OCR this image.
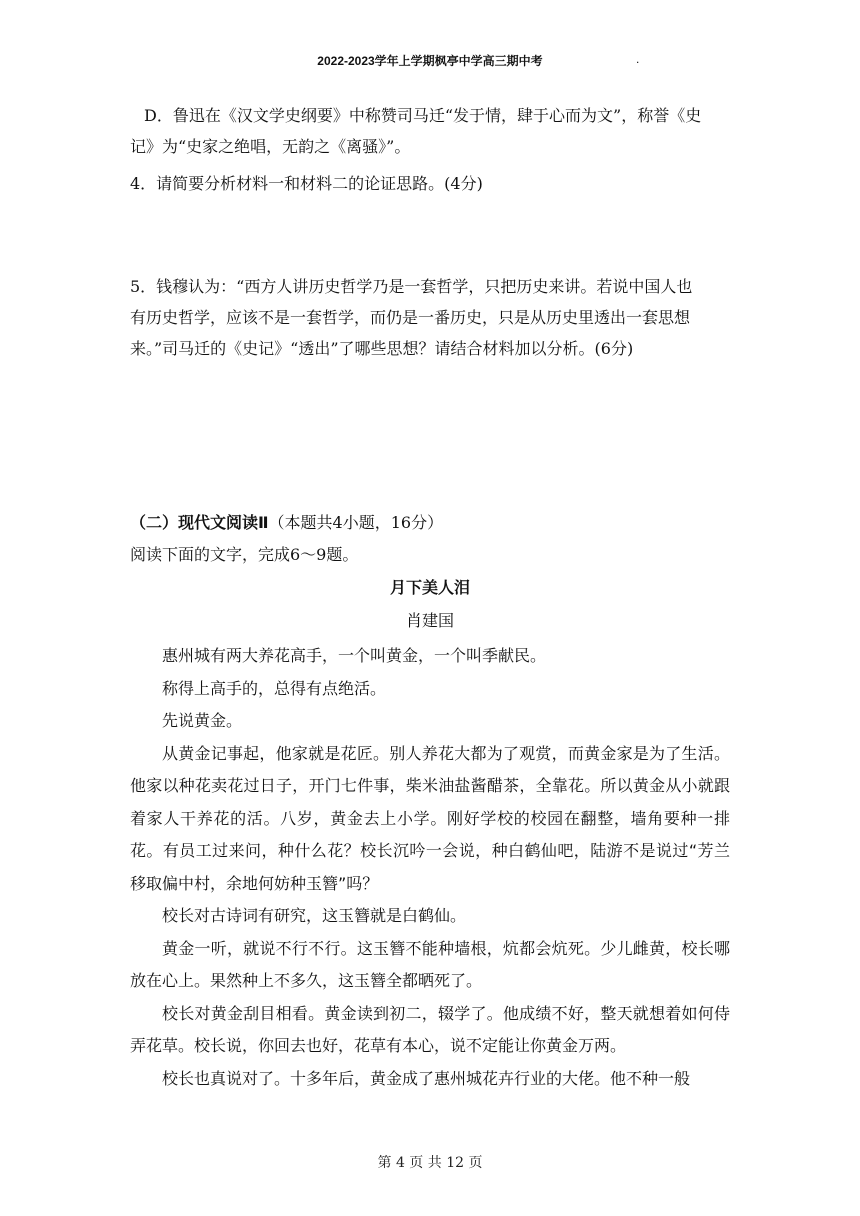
2022-2023学年上学期枫亭中学高三期中考	.

D．鲁迅在《汉文学史纲要》中称赞司马迁“发于情，肆于心而为文”，称誉《史

记》为“史家之绝唱，无韵之《离骚》”。

4．请简要分析材料一和材料二的论证思路。(4分)

5．钱穆认为：“西方人讲历史哲学乃是一套哲学，只把历史来讲。若说中国人也

有历史哲学，应该不是一套哲学，而仍是一番历史，只是从历史里透出一套思想

来。”司马迁的《史记》“透出”了哪些思想？请结合材料加以分析。(6分)

（二）现代文阅读Ⅱ（本题共4小题，16分）

阅读下面的文字，完成6～9题。

月下美人泪

肖建国

惠州城有两大养花高手，一个叫黄金，一个叫季献民。

称得上高手的，总得有点绝活。

先说黄金。

从黄金记事起，他家就是花匠。别人养花大都为了观赏，而黄金家是为了生活。他家以种花卖花过日子，开门七件事，柴米油盐酱醋茶，全靠花。所以黄金从小就跟着家人干养花的活。八岁，黄金去上小学。刚好学校的校园在翻整，墙角要种一排花。有员工过来问，种什么花？校长沉吟一会说，种白鹤仙吧，陆游不是说过“芳兰移取偏中村，余地何妨种玉簪”吗？

校长对古诗词有研究，这玉簪就是白鹤仙。

黄金一听，就说不行不行。这玉簪不能种墙根，炕都会炕死。少儿雌黄，校长哪放在心上。果然种上不多久，这玉簪全都晒死了。

校长对黄金刮目相看。黄金读到初二，辍学了。他成绩不好，整天就想着如何侍弄花草。校长说，你回去也好，花草有本心，说不定能让你黄金万两。

校长也真说对了。十多年后，黄金成了惠州城花卉行业的大佬。他不种一般

第 4 页 共 12 页
